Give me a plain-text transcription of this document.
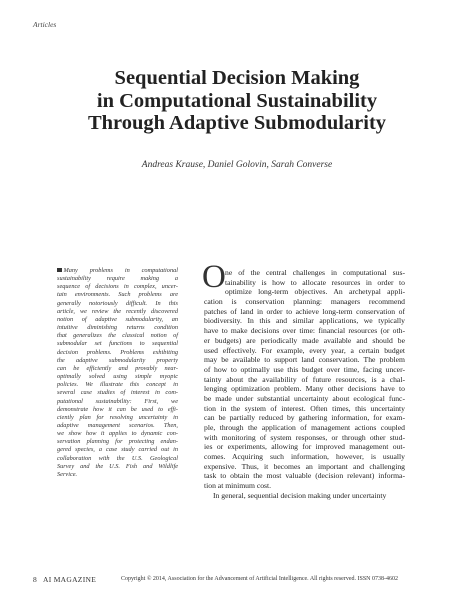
Articles
Sequential Decision Making
in Computational Sustainability
Through Adaptive Submodularity
Andreas Krause, Daniel Golovin, Sarah Converse
Many problems in computational
sustainability require making a
sequence of decisions in complex, uncer-
tain environments. Such problems are
generally notoriously difficult. In this
article, we review the recently discovered
notion of adaptive submodularity, an
intuitive diminishing returns condition
that generalizes the classical notion of
submodular set functions to sequential
decision problems. Problems exhibiting
the adaptive submodularity property
can be efficiently and provably near-
optimally solved using simple myopic
policies. We illustrate this concept in
several case studies of interest in com-
putational sustainability: First, we
demonstrate how it can be used to effi-
ciently plan for resolving uncertainty in
adaptive management scenarios. Then,
we show how it applies to dynamic con-
servation planning for protecting endan-
gered species, a case study carried out in
collaboration with the U.S. Geological
Survey and the U.S. Fish and Wildlife
Service.
O ne of the central challenges in computational sus-
tainability is how to allocate resources in order to
optimize long-term objectives. An archetypal appli-
cation is conservation planning: managers recommend
patches of land in order to achieve long-term conservation of
biodiversity. In this and similar applications, we typically
have to make decisions over time: financial resources (or oth-
er budgets) are periodically made available and should be
used effectively. For example, every year, a certain budget
may be available to support land conservation. The problem
of how to optimally use this budget over time, facing uncer-
tainty about the availability of future resources, is a chal-
lenging optimization problem. Many other decisions have to
be made under substantial uncertainty about ecological func-
tion in the system of interest. Often times, this uncertainty
can be partially reduced by gathering information, for exam-
ple, through the application of management actions coupled
with monitoring of system responses, or through other stud-
ies or experiments, allowing for improved management out-
comes. Acquiring such information, however, is usually
expensive. Thus, it becomes an important and challenging
task to obtain the most valuable (decision relevant) informa-
tion at minimum cost.
In general, sequential decision making under uncertainty
8 AI MAGAZINE	Copyright © 2014, Association for the Advancement of Artificial Intelligence. All rights reserved. ISSN 0738-4602
